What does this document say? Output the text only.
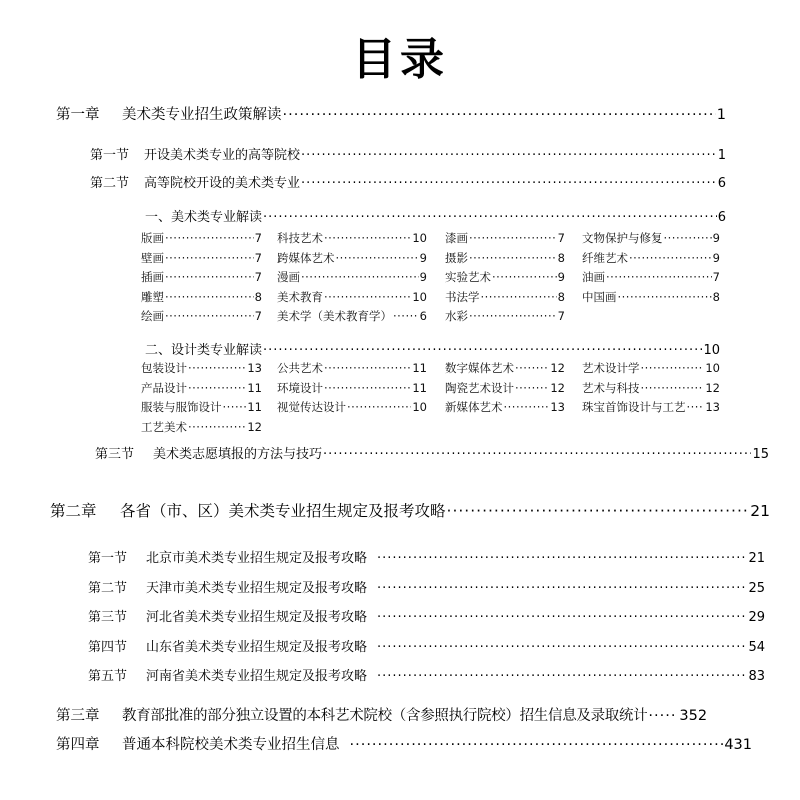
目录
第一章	美术类专业招生政策解读 ·····	1
第一节	开设美术类专业的高等院校 ·····	1
第二节	高等院校开设的美术类专业 ·····	6
一、美术类专业解读 ·····	6
版画 ·····	7 科技艺术 ·····	10 漆画 ·····	7 文物保护与修复 ·····	9
壁画 ·····	7 跨媒体艺术 ·····	9 摄影 ·····	8 纤维艺术 ·····	9
插画 ·····	7 漫画 ·····	9 实验艺术 ·····	9 油画 ·····	7
雕塑 ·····	8 美术教育 ·····	10 书法学 ·····	8 中国画 ·····	8
绘画 ·····	7 美术学（美术教育学） ····· 6 水彩 ·····	7
二、设计类专业解读 ·····	10
包装设计 ·····	13 公共艺术 ·····	11 数字媒体艺术 ·····	12 艺术设计学 ·····	10
产品设计 ·····	11 环境设计 ·····	11 陶瓷艺术设计 ·····	12 艺术与科技 ·····	12
服装与服饰设计 ····· 11 视觉传达设计 ·····	10 新媒体艺术 ·····	13 珠宝首饰设计与工艺 ····· 13
工艺美术 ·····	12
第三节	美术类志愿填报的方法与技巧 ·····	15
第二章	各省（市、区）美术类专业招生规定及报考攻略 ·····	21
第一节	北京市美术类专业招生规定及报考攻略 ·····	21
第二节	天津市美术类专业招生规定及报考攻略 ·····	25
第三节	河北省美术类专业招生规定及报考攻略 ·····	29
第四节	山东省美术类专业招生规定及报考攻略 ·····	54
第五节	河南省美术类专业招生规定及报考攻略 ·····	83
第三章	教育部批准的部分独立设置的本科艺术院校（含参照执行院校）招生信息及录取统计 ····· 352
第四章	普通本科院校美术类专业招生信息 ·····	431
